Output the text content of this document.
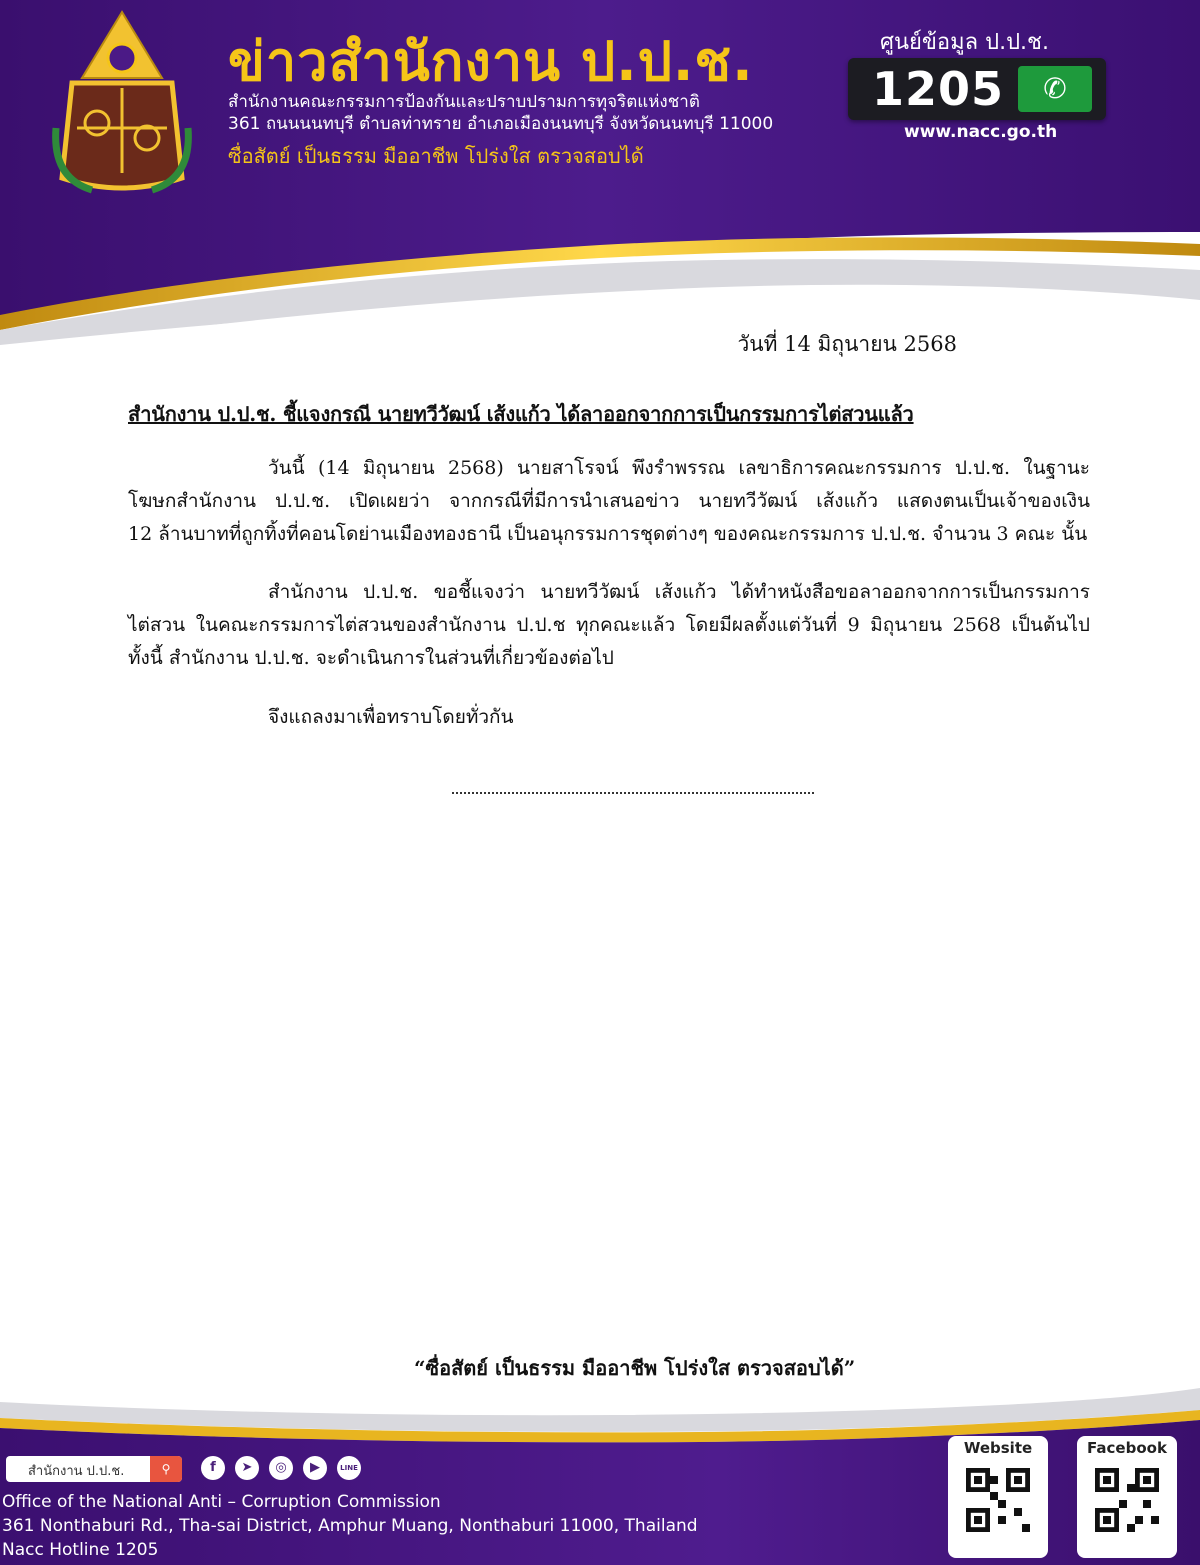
ข่าวสำนักงาน ป.ป.ช.
สำนักงานคณะกรรมการป้องกันและปราบปรามการทุจริตแห่งชาติ
361 ถนนนนทบุรี ตำบลท่าทราย อำเภอเมืองนนทบุรี จังหวัดนนทบุรี 11000
ซื่อสัตย์ เป็นธรรม มืออาชีพ โปร่งใส ตรวจสอบได้
ศูนย์ข้อมูล ป.ป.ช.
1205	✆
www.nacc.go.th
วันที่ 14 มิถุนายน 2568
สำนักงาน ป.ป.ช. ชี้แจงกรณี นายทวีวัฒน์ เส้งแก้ว ได้ลาออกจากการเป็นกรรมการไต่สวนแล้ว

วันนี้ (14 มิถุนายน 2568) นายสาโรจน์ พึงรำพรรณ เลขาธิการคณะกรรมการ ป.ป.ช. ในฐานะ
โฆษกสำนักงาน ป.ป.ช. เปิดเผยว่า จากกรณีที่มีการนำเสนอข่าว นายทวีวัฒน์ เส้งแก้ว แสดงตนเป็นเจ้าของเงิน
12 ล้านบาทที่ถูกทิ้งที่คอนโดย่านเมืองทองธานี เป็นอนุกรรมการชุดต่างๆ ของคณะกรรมการ ป.ป.ช. จำนวน 3 คณะ นั้น

สำนักงาน ป.ป.ช. ขอชี้แจงว่า นายทวีวัฒน์ เส้งแก้ว ได้ทำหนังสือขอลาออกจากการเป็นกรรมการ
ไต่สวน ในคณะกรรมการไต่สวนของสำนักงาน ป.ป.ช ทุกคณะแล้ว โดยมีผลตั้งแต่วันที่ 9 มิถุนายน 2568 เป็นต้นไป
ทั้งนี้ สำนักงาน ป.ป.ช. จะดำเนินการในส่วนที่เกี่ยวข้องต่อไป

จึงแถลงมาเพื่อทราบโดยทั่วกัน
“ซื่อสัตย์ เป็นธรรม มืออาชีพ โปร่งใส ตรวจสอบได้”
สำนักงาน ป.ป.ช.	⚲	f	➤	◎	▶	LINE
Office of the National Anti – Corruption Commission
361 Nonthaburi Rd., Tha-sai District, Amphur Muang, Nonthaburi 11000, Thailand
Nacc Hotline 1205
Website	Facebook
